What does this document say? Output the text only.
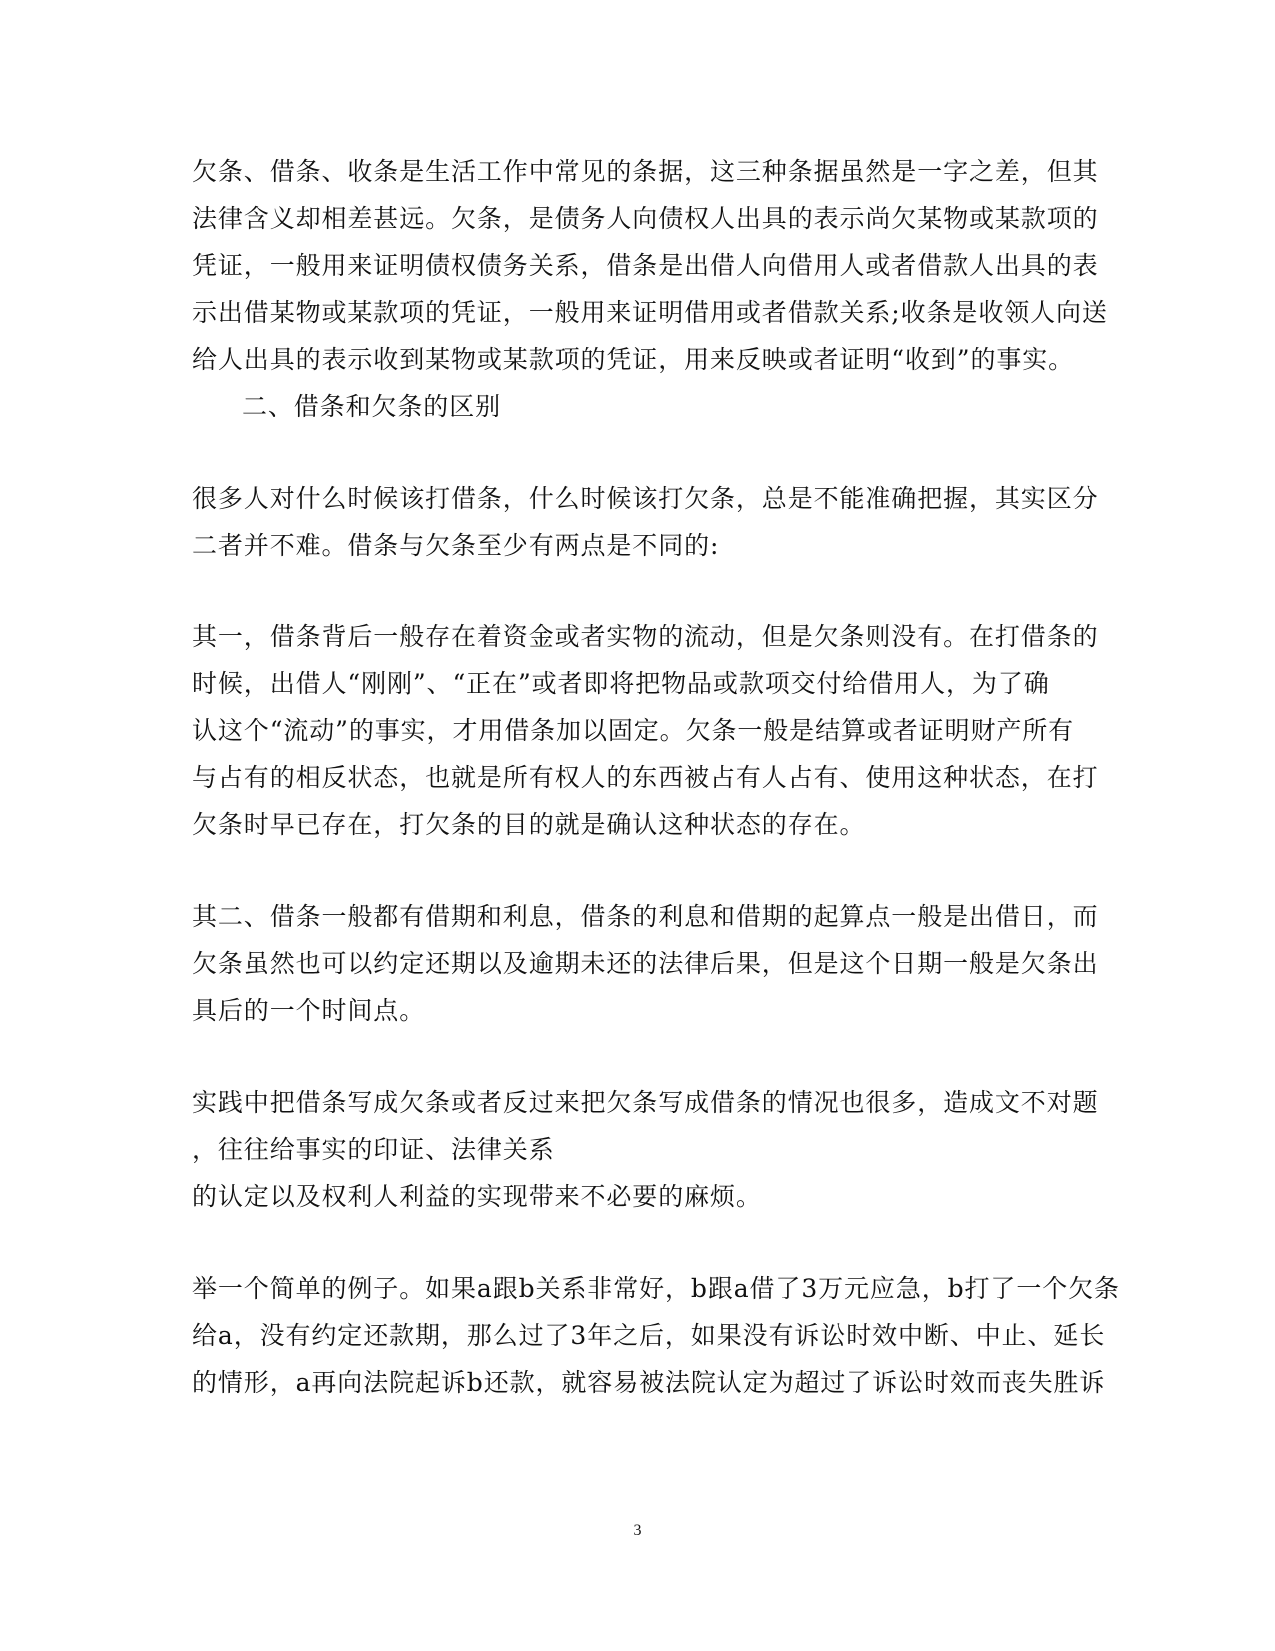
欠条、借条、收条是生活工作中常见的条据，这三种条据虽然是一字之差，但其
法律含义却相差甚远。欠条，是债务人向债权人出具的表示尚欠某物或某款项的
凭证，一般用来证明债权债务关系，借条是出借人向借用人或者借款人出具的表
示出借某物或某款项的凭证，一般用来证明借用或者借款关系;收条是收领人向送
给人出具的表示收到某物或某款项的凭证，用来反映或者证明“收到”的事实。
二、借条和欠条的区别
很多人对什么时候该打借条，什么时候该打欠条，总是不能准确把握，其实区分
二者并不难。借条与欠条至少有两点是不同的:
其一，借条背后一般存在着资金或者实物的流动，但是欠条则没有。在打借条的
时候，出借人“刚刚”、“正在”或者即将把物品或款项交付给借用人，为了确
认这个“流动”的事实，才用借条加以固定。欠条一般是结算或者证明财产所有
与占有的相反状态，也就是所有权人的东西被占有人占有、使用这种状态，在打
欠条时早已存在，打欠条的目的就是确认这种状态的存在。
其二、借条一般都有借期和利息，借条的利息和借期的起算点一般是出借日，而
欠条虽然也可以约定还期以及逾期未还的法律后果，但是这个日期一般是欠条出
具后的一个时间点。
实践中把借条写成欠条或者反过来把欠条写成借条的情况也很多，造成文不对题
，往往给事实的印证、法律关系
的认定以及权利人利益的实现带来不必要的麻烦。
举一个简单的例子。如果a跟b关系非常好，b跟a借了3万元应急，b打了一个欠条
给a，没有约定还款期，那么过了3年之后，如果没有诉讼时效中断、中止、延长
的情形，a再向法院起诉b还款，就容易被法院认定为超过了诉讼时效而丧失胜诉
3
